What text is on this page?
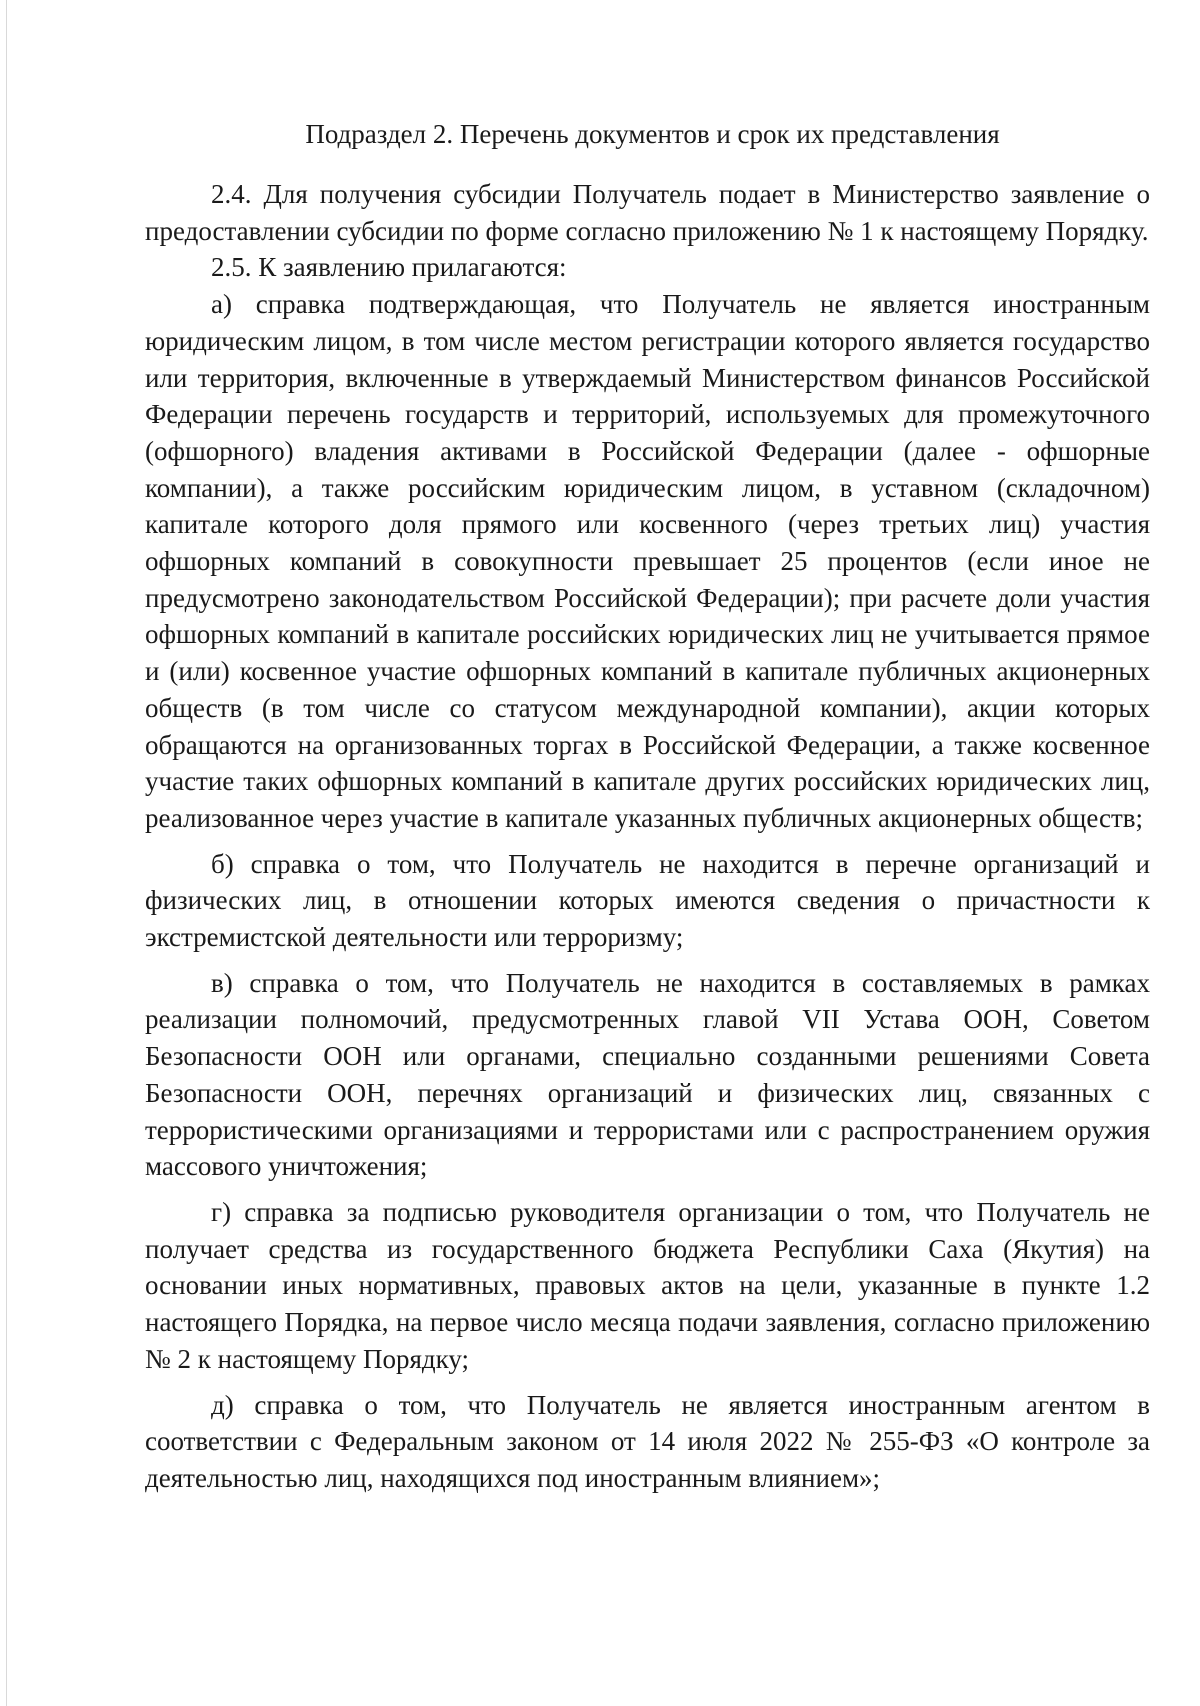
Подраздел 2. Перечень документов и срок их представления

2.4. Для получения субсидии Получатель подает в Министерство заявление о предоставлении субсидии по форме согласно приложению № 1 к настоящему Порядку.

2.5. К заявлению прилагаются:

а) справка подтверждающая, что Получатель не является иностранным юридическим лицом, в том числе местом регистрации которого является государство или территория, включенные в утверждаемый Министерством финансов Российской Федерации перечень государств и территорий, используемых для промежуточного (офшорного) владения активами в Российской Федерации (далее - офшорные компании), а также российским юридическим лицом, в уставном (складочном) капитале которого доля прямого или косвенного (через третьих лиц) участия офшорных компаний в совокупности превышает 25 процентов (если иное не предусмотрено законодательством Российской Федерации); при расчете доли участия офшорных компаний в капитале российских юридических лиц не учитывается прямое и (или) косвенное участие офшорных компаний в капитале публичных акционерных обществ (в том числе со статусом международной компании), акции которых обращаются на организованных торгах в Российской Федерации, а также косвенное участие таких офшорных компаний в капитале других российских юридических лиц, реализованное через участие в капитале указанных публичных акционерных обществ;

б) справка о том, что Получатель не находится в перечне организаций и физических лиц, в отношении которых имеются сведения о причастности к экстремистской деятельности или терроризму;

в) справка о том, что Получатель не находится в составляемых в рамках реализации полномочий, предусмотренных главой VII Устава ООН, Советом Безопасности ООН или органами, специально созданными решениями Совета Безопасности ООН, перечнях организаций и физических лиц, связанных с террористическими организациями и террористами или с распространением оружия массового уничтожения;

г) справка за подписью руководителя организации о том, что Получатель не получает средства из государственного бюджета Республики Саха (Якутия) на основании иных нормативных, правовых актов на цели, указанные в пункте 1.2 настоящего Порядка, на первое число месяца подачи заявления, согласно приложению № 2 к настоящему Порядку;

д) справка о том, что Получатель не является иностранным агентом в соответствии с Федеральным законом от 14 июля 2022 № 255-ФЗ «О контроле за деятельностью лиц, находящихся под иностранным влиянием»;
